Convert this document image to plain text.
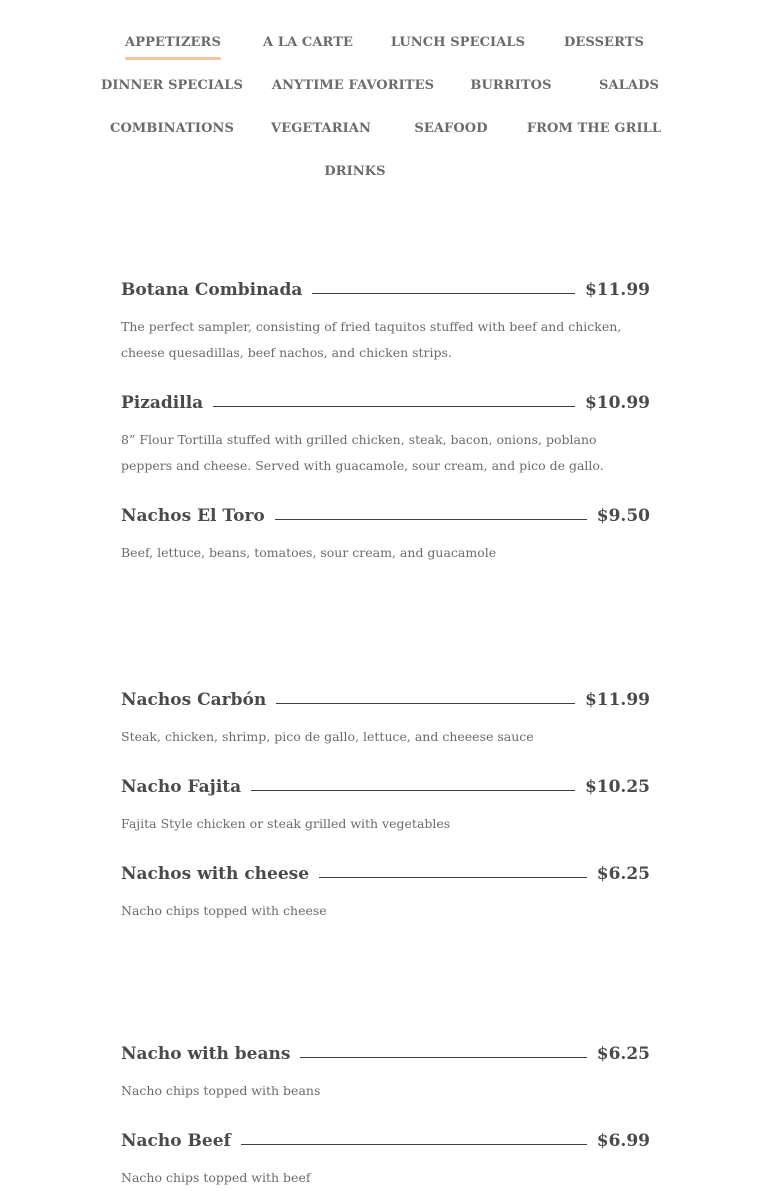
APPETIZERS	A LA CARTE	LUNCH SPECIALS	DESSERTS
DINNER SPECIALS ANYTIME FAVORITES	BURRITOS	SALADS
COMBINATIONS	VEGETARIAN	SEAFOOD	FROM THE GRILL
DRINKS
Botana Combinada	$11.99
The perfect sampler, consisting of fried taquitos stuffed with beef and chicken, cheese quesadillas, beef nachos, and chicken strips.
Pizadilla	$10.99
8” Flour Tortilla stuffed with grilled chicken, steak, bacon, onions, poblano peppers and cheese. Served with guacamole, sour cream, and pico de gallo.
Nachos El Toro	$9.50
Beef, lettuce, beans, tomatoes, sour cream, and guacamole
Nachos Carbón	$11.99
Steak, chicken, shrimp, pico de gallo, lettuce, and cheeese sauce
Nacho Fajita	$10.25
Fajita Style chicken or steak grilled with vegetables
Nachos with cheese	$6.25
Nacho chips topped with cheese
Nacho with beans	$6.25
Nacho chips topped with beans
Nacho Beef	$6.99
Nacho chips topped with beef
